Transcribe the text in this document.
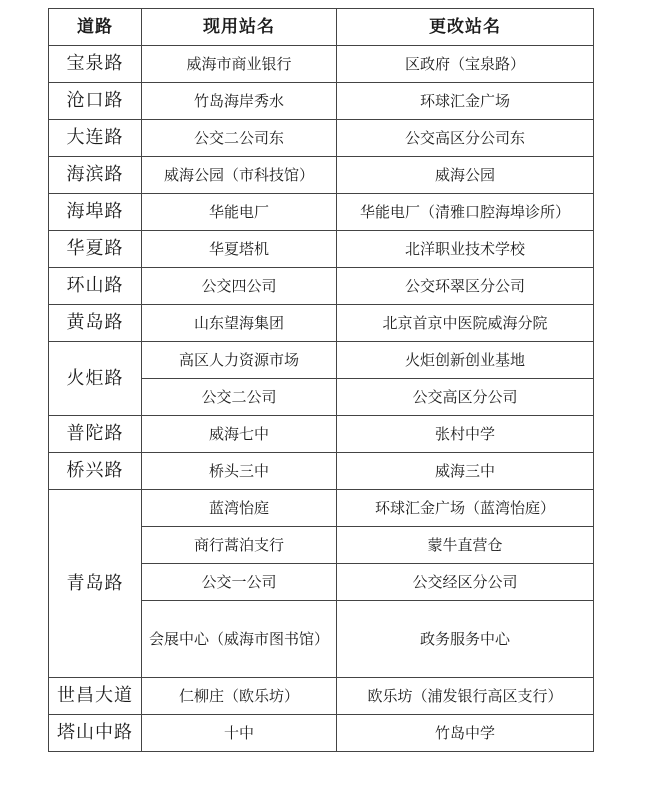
道路	现用站名	更改站名
宝泉路	威海市商业银行	区政府（宝泉路）
沧口路	竹岛海岸秀水	环球汇金广场
大连路	公交二公司东	公交高区分公司东
海滨路	威海公园（市科技馆）	威海公园
海埠路	华能电厂	华能电厂（清雅口腔海埠诊所）
华夏路	华夏塔机	北洋职业技术学校
环山路	公交四公司	公交环翠区分公司
黄岛路	山东望海集团	北京首京中医院威海分院
火炬路	高区人力资源市场	火炬创新创业基地
	公交二公司	公交高区分公司
普陀路	威海七中	张村中学
桥兴路	桥头三中	威海三中
青岛路	蓝湾怡庭	环球汇金广场（蓝湾怡庭）
	商行蒿泊支行	蒙牛直营仓
	公交一公司	公交经区分公司
	会展中心（威海市图书馆）	政务服务中心
世昌大道	仁柳庄（欧乐坊）	欧乐坊（浦发银行高区支行）
塔山中路	十中	竹岛中学
